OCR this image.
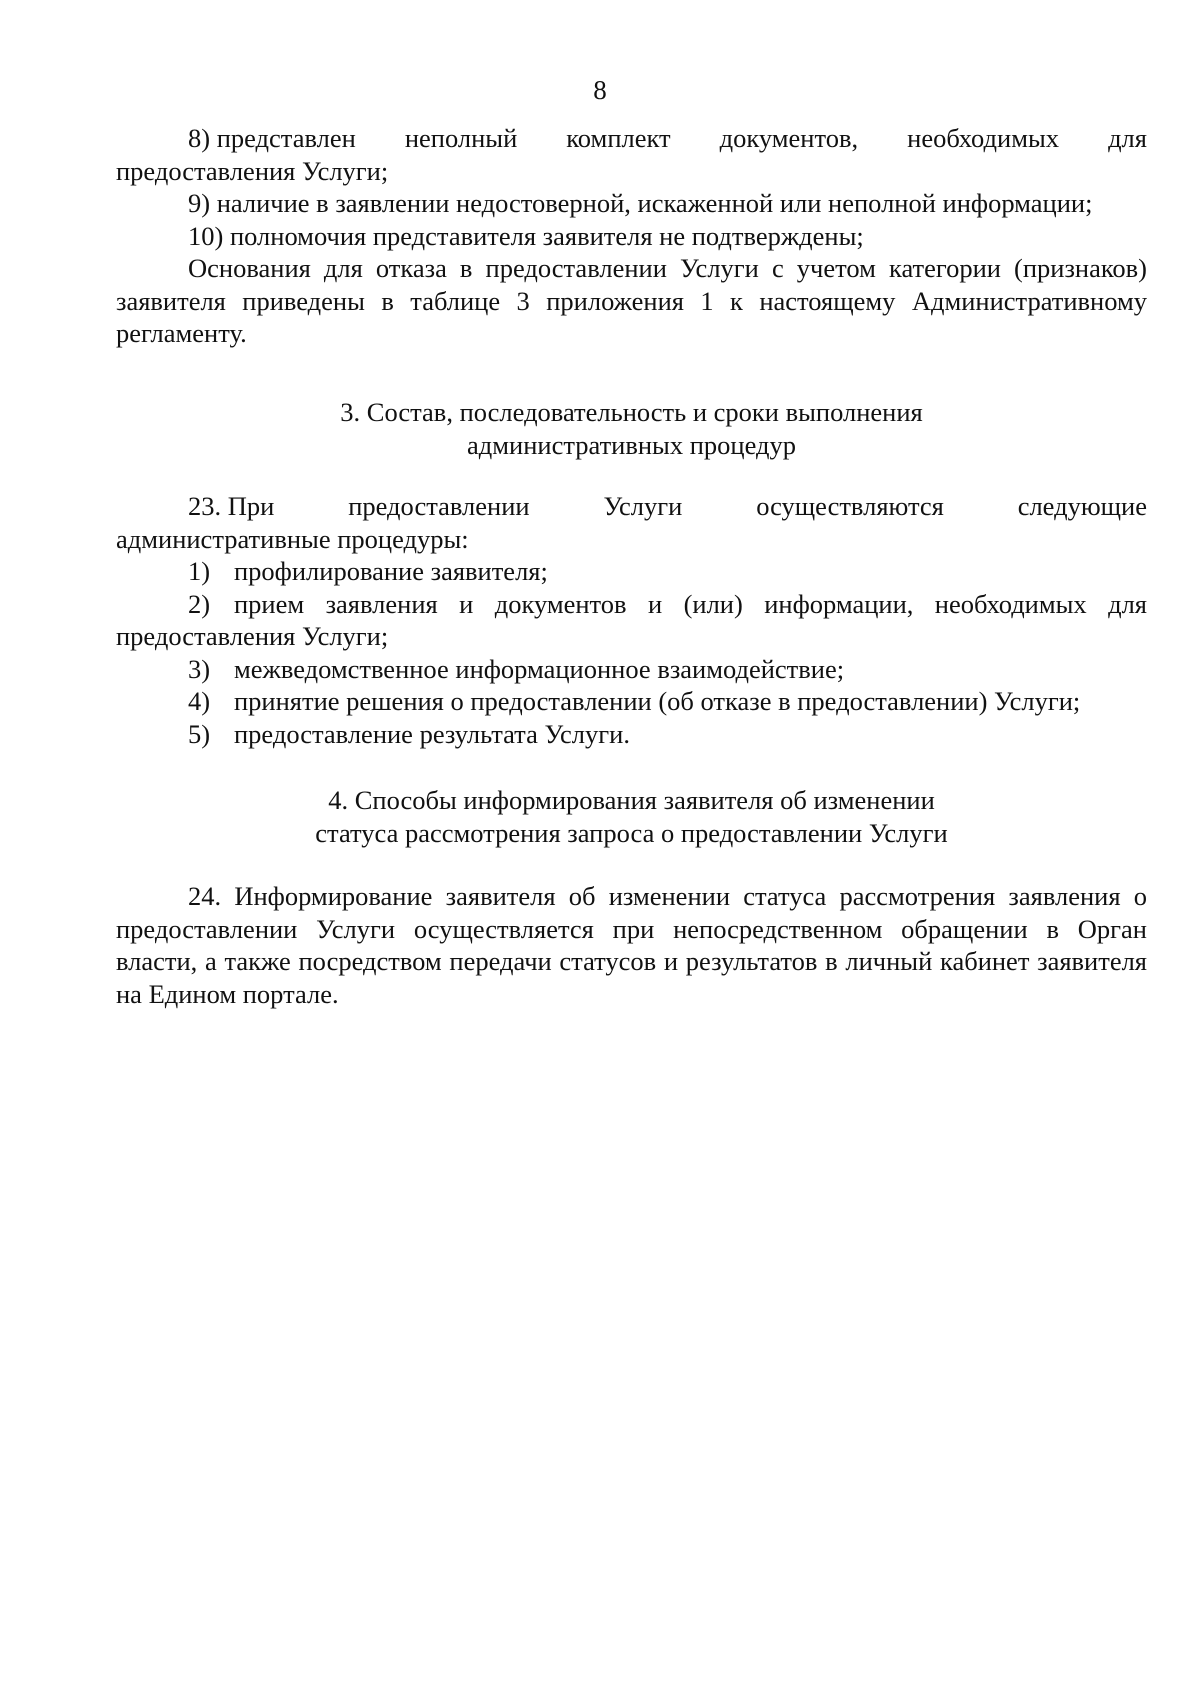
8

8) представлен неполный комплект документов, необходимых для

предоставления Услуги;

9) наличие в заявлении недостоверной, искаженной или неполной информации;

10) полномочия представителя заявителя не подтверждены;

Основания для отказа в предоставлении Услуги с учетом категории (признаков) заявителя приведены в таблице 3 приложения 1 к настоящему Административному регламенту.

3. Состав, последовательность и сроки выполнения
административных процедур

23. При	предоставлении	Услуги	осуществляются	следующие

административные процедуры:

1) профилирование заявителя;

2) прием заявления и документов и (или) информации, необходимых для

предоставления Услуги;

3) межведомственное информационное взаимодействие;

4) принятие решения о предоставлении (об отказе в предоставлении) Услуги;

5) предоставление результата Услуги.

4. Способы информирования заявителя об изменении
статуса рассмотрения запроса о предоставлении Услуги

24. Информирование заявителя об изменении статуса рассмотрения заявления о предоставлении Услуги осуществляется при непосредственном обращении в Орган власти, а также посредством передачи статусов и результатов в личный кабинет заявителя на Едином портале.
